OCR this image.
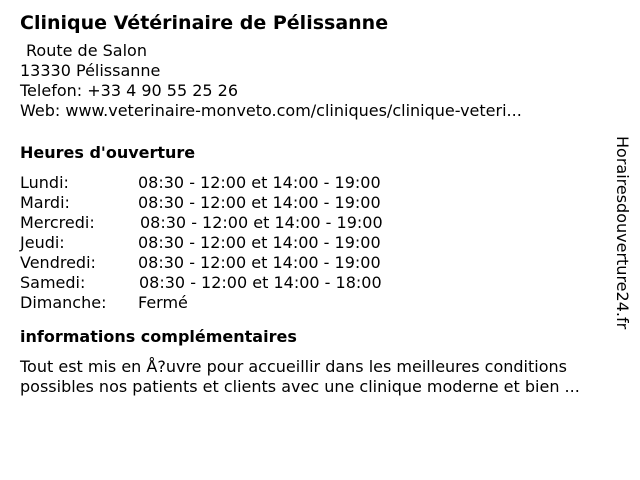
Clinique Vétérinaire de Pélissanne
Route de Salon
13330 Pélissanne
Telefon: +33 4 90 55 25 26
Web: www.veterinaire-monveto.com/cliniques/clinique-veteri...
Heures d'ouverture
Lundi:	08:30 - 12:00 et 14:00 - 19:00
Mardi:	08:30 - 12:00 et 14:00 - 19:00
Mercredi:	08:30 - 12:00 et 14:00 - 19:00
Jeudi:	08:30 - 12:00 et 14:00 - 19:00
Vendredi:	08:30 - 12:00 et 14:00 - 19:00
Samedi:	08:30 - 12:00 et 14:00 - 18:00
Dimanche: Fermé
informations complémentaires
Tout est mis en Å?uvre pour accueillir dans les meilleures conditions
possibles nos patients et clients avec une clinique moderne et bien ...
Horairesdouverture24.fr
